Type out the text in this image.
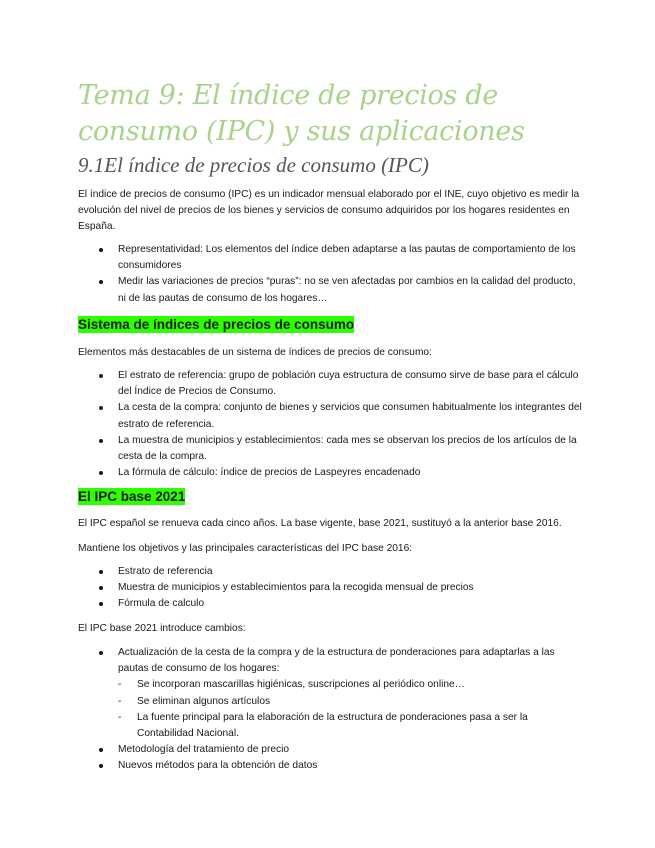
Tema 9: El índice de precios de consumo (IPC) y sus aplicaciones
9.1El índice de precios de consumo (IPC)

El índice de precios de consumo (IPC) es un indicador mensual elaborado por el INE, cuyo objetivo es medir la evolución del nivel de precios de los bienes y servicios de consumo adquiridos por los hogares residentes en España.

Representatividad: Los elementos del índice deben adaptarse a las pautas de comportamiento de los consumidores
Medir las variaciones de precios “puras”: no se ven afectadas por cambios en la calidad del producto, ni de las pautas de consumo de los hogares…
Sistema de índices de precios de consumo

Elementos más destacables de un sistema de índices de precios de consumo:

El estrato de referencia: grupo de población cuya estructura de consumo sirve de base para el cálculo del Índice de Precios de Consumo.
La cesta de la compra: conjunto de bienes y servicios que consumen habitualmente los integrantes del estrato de referencia.
La muestra de municipios y establecimientos: cada mes se observan los precios de los artículos de la cesta de la compra.
La fórmula de cálculo: índice de precios de Laspeyres encadenado
El IPC base 2021

El IPC español se renueva cada cinco años. La base vigente, base 2021, sustituyó a la anterior base 2016.

Mantiene los objetivos y las principales características del IPC base 2016:

Estrato de referencia
Muestra de municipios y establecimientos para la recogida mensual de precios
Fórmula de calculo

El IPC base 2021 introduce cambios:

Actualización de la cesta de la compra y de la estructura de ponderaciones para adaptarlas a las pautas de consumo de los hogares:
- Se incorporan mascarillas higiénicas, suscripciones al periódico online…
- Se eliminan algunos artículos
- La fuente principal para la elaboración de la estructura de ponderaciones pasa a ser la Contabilidad Nacional.
Metodología del tratamiento de precio
Nuevos métodos para la obtención de datos
